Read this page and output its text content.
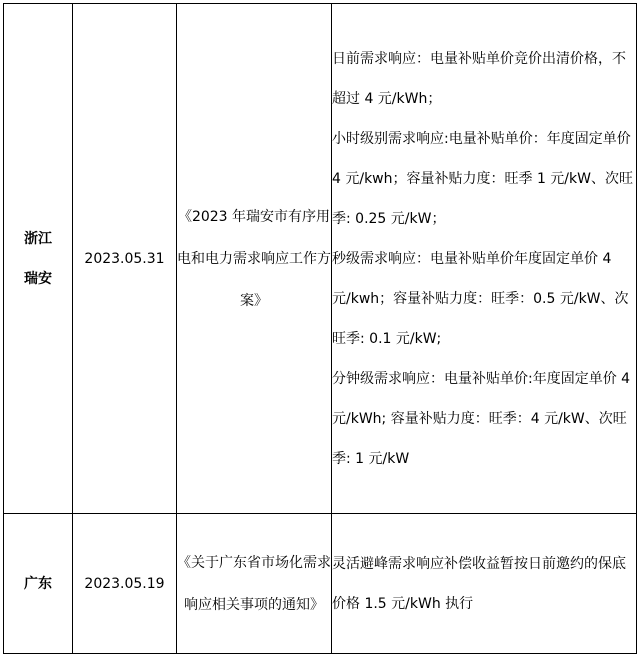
浙江
瑞安	2023.05.31	《2023 年瑞安市有序用电和电力需求响应工作方案》	日前需求响应：电量补贴单价竞价出清价格，不超过 4 元/kWh；
小时级别需求响应:电量补贴单价：年度固定单价 4 元/kwh；容量补贴力度：旺季 1 元/kW、次旺季: 0.25 元/kW；
秒级需求响应：电量补贴单价年度固定单价 4 元/kwh；容量补贴力度：旺季：0.5 元/kW、次旺季: 0.1 元/kW;
分钟级需求响应：电量补贴单价:年度固定单价 4 元/kWh; 容量补贴力度：旺季：4 元/kW、次旺季: 1 元/kW

广东	2023.05.19	《关于广东省市场化需求响应相关事项的通知》	灵活避峰需求响应补偿收益暂按日前邀约的保底价格 1.5 元/kWh 执行
